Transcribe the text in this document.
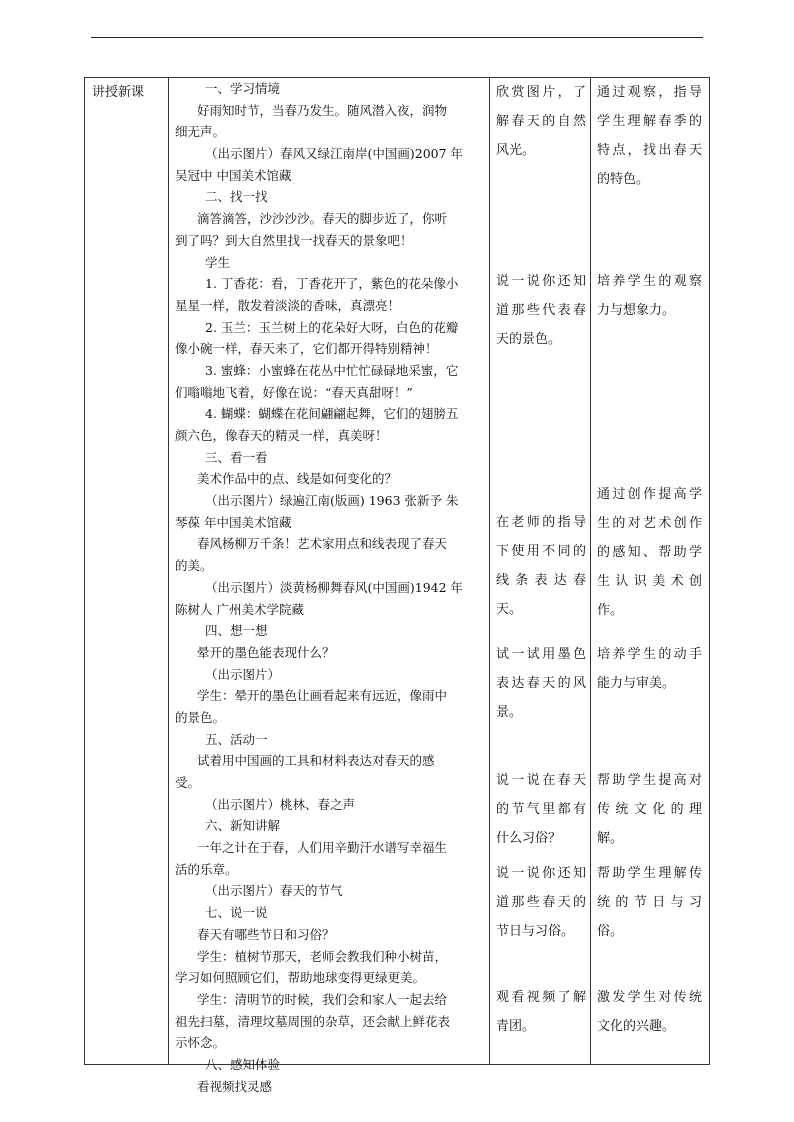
讲授新课	一、学习情境
好雨知时节，当春乃发生。随风潜入夜，润物
细无声。
（出示图片）春风又绿江南岸(中国画)2007 年
吴冠中 中国美术馆藏
二、找一找
滴答滴答，沙沙沙沙。春天的脚步近了，你听
到了吗？到大自然里找一找春天的景象吧！
学生
1. 丁香花：看，丁香花开了，紫色的花朵像小
星星一样，散发着淡淡的香味，真漂亮！
2. 玉兰：玉兰树上的花朵好大呀，白色的花瓣
像小碗一样，春天来了，它们都开得特别精神！
3. 蜜蜂：小蜜蜂在花丛中忙忙碌碌地采蜜，它
们嗡嗡地飞着，好像在说：“春天真甜呀！”
4. 蝴蝶：蝴蝶在花间翩翩起舞，它们的翅膀五
颜六色，像春天的精灵一样，真美呀！
三、看一看
美术作品中的点、线是如何变化的？
（出示图片）绿遍江南(版画) 1963 张新予 朱
琴葆 年中国美术馆藏
春风杨柳万千条！艺术家用点和线表现了春天
的美。
（出示图片）淡黄杨柳舞春风(中国画)1942 年
陈树人 广州美术学院藏
四、想一想
晕开的墨色能表现什么？
（出示图片）
学生：晕开的墨色让画看起来有远近，像雨中
的景色。
五、活动一
试着用中国画的工具和材料表达对春天的感
受。
（出示图片）桃林、春之声
六、新知讲解
一年之计在于春，人们用辛勤汗水谱写幸福生
活的乐章。
（出示图片）春天的节气
七、说一说
春天有哪些节日和习俗？
学生：植树节那天，老师会教我们种小树苗，
学习如何照顾它们，帮助地球变得更绿更美。
学生：清明节的时候，我们会和家人一起去给
祖先扫墓，清理坟墓周围的杂草，还会献上鲜花表
示怀念。
八、感知体验
看视频找灵感
欣赏图片，了
解春天的自然
风光。
说一说你还知
道那些代表春
天的景色。
在老师的指导
下使用不同的
线条表达春
天。
试一试用墨色
表达春天的风
景。
说一说在春天
的节气里都有
什么习俗？
说一说你还知
道那些春天的
节日与习俗。
观看视频了解
青团。
通过观察，指导
学生理解春季的
特点，找出春天
的特色。
培养学生的观察
力与想象力。
通过创作提高学
生的对艺术创作
的感知、帮助学
生认识美术创
作。
培养学生的动手
能力与审美。
帮助学生提高对
传统文化的理
解。
帮助学生理解传
统的节日与习
俗。
激发学生对传统
文化的兴趣。
